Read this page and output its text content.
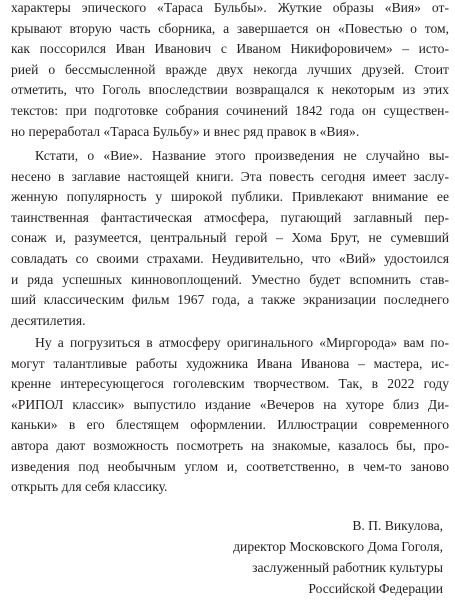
характеры эпического «Тараса Бульбы». Жуткие образы «Вия» от-
крывают вторую часть сборника, а завершается он «Повестью о том,
как поссорился Иван Иванович с Иваном Никифоровичем» – исто-
рией о бессмысленной вражде двух некогда лучших друзей. Стоит
отметить, что Гоголь впоследствии возвращался к некоторым из этих
текстов: при подготовке собрания сочинений 1842 года он существен-
но переработал «Тараса Бульбу» и внес ряд правок в «Вия».
Кстати, о «Вие». Название этого произведения не случайно вы-
несено в заглавие настоящей книги. Эта повесть сегодня имеет заслу-
женную популярность у широкой публики. Привлекают внимание ее
таинственная фантастическая атмосфера, пугающий заглавный пер-
сонаж и, разумеется, центральный герой – Хома Брут, не сумевший
совладать со своими страхами. Неудивительно, что «Вий» удостоился
и ряда успешных кинновоплощений. Уместно будет вспомнить став-
ший классическим фильм 1967 года, а также экранизации последнего
десятилетия.
Ну а погрузиться в атмосферу оригинального «Миргорода» вам по-
могут талантливые работы художника Ивана Иванова – мастера, ис-
кренне интересующегося гоголевским творчеством. Так, в 2022 году
«РИПОЛ классик» выпустило издание «Вечеров на хуторе близ Ди-
каньки» в его блестящем оформлении. Иллюстрации современного
автора дают возможность посмотреть на знакомые, казалось бы, про-
изведения под необычным углом и, соответственно, в чем-то заново
открыть для себя классику.
В. П. Викулова,
директор Московского Дома Гоголя,
заслуженный работник культуры
Российской Федерации
